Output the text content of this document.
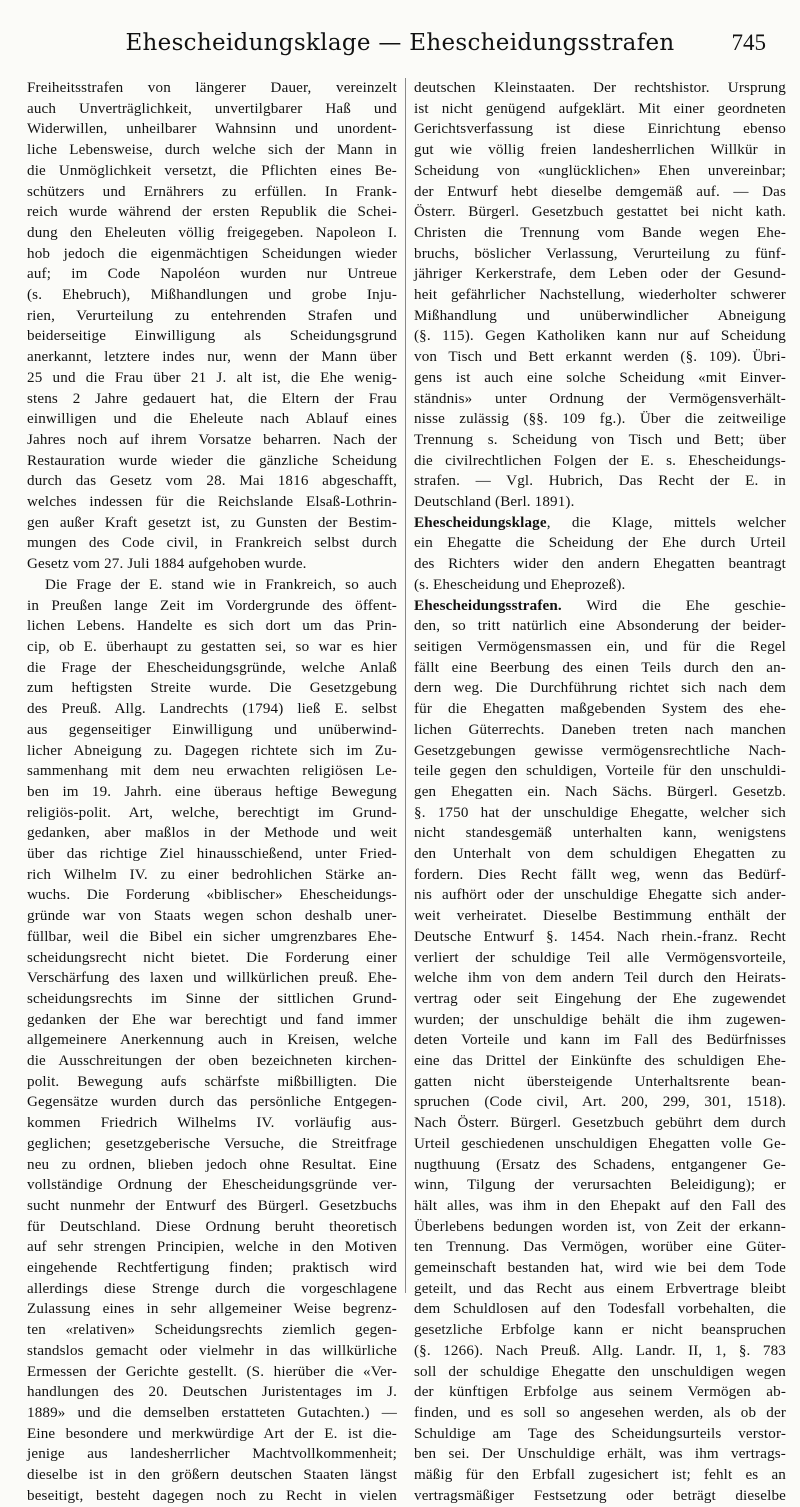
Ehescheidungsklage — Ehescheidungsstrafen	745
Freiheitsstrafen von längerer Dauer, vereinzelt
auch Unverträglichkeit, unvertilgbarer Haß und
Widerwillen, unheilbarer Wahnsinn und unordent-
liche Lebensweise, durch welche sich der Mann in
die Unmöglichkeit versetzt, die Pflichten eines Be-
schützers und Ernährers zu erfüllen. In Frank-
reich wurde während der ersten Republik die Schei-
dung den Eheleuten völlig freigegeben. Napoleon I.
hob jedoch die eigenmächtigen Scheidungen wieder
auf; im Code Napoléon wurden nur Untreue
(s. Ehebruch), Mißhandlungen und grobe Inju-
rien, Verurteilung zu entehrenden Strafen und
beiderseitige Einwilligung als Scheidungsgrund
anerkannt, letztere indes nur, wenn der Mann über
25 und die Frau über 21 J. alt ist, die Ehe wenig-
stens 2 Jahre gedauert hat, die Eltern der Frau
einwilligen und die Eheleute nach Ablauf eines
Jahres noch auf ihrem Vorsatze beharren. Nach der
Restauration wurde wieder die gänzliche Scheidung
durch das Gesetz vom 28. Mai 1816 abgeschafft,
welches indessen für die Reichslande Elsaß-Lothrin-
gen außer Kraft gesetzt ist, zu Gunsten der Bestim-
mungen des Code civil, in Frankreich selbst durch
Gesetz vom 27. Juli 1884 aufgehoben wurde.
Die Frage der E. stand wie in Frankreich, so auch
in Preußen lange Zeit im Vordergrunde des öffent-
lichen Lebens. Handelte es sich dort um das Prin-
cip, ob E. überhaupt zu gestatten sei, so war es hier
die Frage der Ehescheidungsgründe, welche Anlaß
zum heftigsten Streite wurde. Die Gesetzgebung
des Preuß. Allg. Landrechts (1794) ließ E. selbst
aus gegenseitiger Einwilligung und unüberwind-
licher Abneigung zu. Dagegen richtete sich im Zu-
sammenhang mit dem neu erwachten religiösen Le-
ben im 19. Jahrh. eine überaus heftige Bewegung
religiös-polit. Art, welche, berechtigt im Grund-
gedanken, aber maßlos in der Methode und weit
über das richtige Ziel hinausschießend, unter Fried-
rich Wilhelm IV. zu einer bedrohlichen Stärke an-
wuchs. Die Forderung «biblischer» Ehescheidungs-
gründe war von Staats wegen schon deshalb uner-
füllbar, weil die Bibel ein sicher umgrenzbares Ehe-
scheidungsrecht nicht bietet. Die Forderung einer
Verschärfung des laxen und willkürlichen preuß. Ehe-
scheidungsrechts im Sinne der sittlichen Grund-
gedanken der Ehe war berechtigt und fand immer
allgemeinere Anerkennung auch in Kreisen, welche
die Ausschreitungen der oben bezeichneten kirchen-
polit. Bewegung aufs schärfste mißbilligten. Die
Gegensätze wurden durch das persönliche Entgegen-
kommen Friedrich Wilhelms IV. vorläufig aus-
geglichen; gesetzgeberische Versuche, die Streitfrage
neu zu ordnen, blieben jedoch ohne Resultat. Eine
vollständige Ordnung der Ehescheidungsgründe ver-
sucht nunmehr der Entwurf des Bürgerl. Gesetzbuchs
für Deutschland. Diese Ordnung beruht theoretisch
auf sehr strengen Principien, welche in den Motiven
eingehende Rechtfertigung finden; praktisch wird
allerdings diese Strenge durch die vorgeschlagene
Zulassung eines in sehr allgemeiner Weise begrenz-
ten «relativen» Scheidungsrechts ziemlich gegen-
standslos gemacht oder vielmehr in das willkürliche
Ermessen der Gerichte gestellt. (S. hierüber die «Ver-
handlungen des 20. Deutschen Juristentages im J.
1889» und die demselben erstatteten Gutachten.) —
Eine besondere und merkwürdige Art der E. ist die-
jenige aus landesherrlicher Machtvollkommenheit;
dieselbe ist in den größern deutschen Staaten längst
beseitigt, besteht dagegen noch zu Recht in vielen
deutschen Kleinstaaten. Der rechtshistor. Ursprung
ist nicht genügend aufgeklärt. Mit einer geordneten
Gerichtsverfassung ist diese Einrichtung ebenso
gut wie völlig freien landesherrlichen Willkür in
Scheidung von «unglücklichen» Ehen unvereinbar;
der Entwurf hebt dieselbe demgemäß auf. — Das
Österr. Bürgerl. Gesetzbuch gestattet bei nicht kath.
Christen die Trennung vom Bande wegen Ehe-
bruchs, böslicher Verlassung, Verurteilung zu fünf-
jähriger Kerkerstrafe, dem Leben oder der Gesund-
heit gefährlicher Nachstellung, wiederholter schwerer
Mißhandlung und unüberwindlicher Abneigung
(§. 115). Gegen Katholiken kann nur auf Scheidung
von Tisch und Bett erkannt werden (§. 109). Übri-
gens ist auch eine solche Scheidung «mit Einver-
ständnis» unter Ordnung der Vermögensverhält-
nisse zulässig (§§. 109 fg.). Über die zeitweilige
Trennung s. Scheidung von Tisch und Bett; über
die civilrechtlichen Folgen der E. s. Ehescheidungs-
strafen. — Vgl. Hubrich, Das Recht der E. in
Deutschland (Berl. 1891).
Ehescheidungsklage, die Klage, mittels welcher
ein Ehegatte die Scheidung der Ehe durch Urteil
des Richters wider den andern Ehegatten beantragt
(s. Ehescheidung und Eheprozeß).
Ehescheidungsstrafen. Wird die Ehe geschie-
den, so tritt natürlich eine Absonderung der beider-
seitigen Vermögensmassen ein, und für die Regel
fällt eine Beerbung des einen Teils durch den an-
dern weg. Die Durchführung richtet sich nach dem
für die Ehegatten maßgebenden System des ehe-
lichen Güterrechts. Daneben treten nach manchen
Gesetzgebungen gewisse vermögensrechtliche Nach-
teile gegen den schuldigen, Vorteile für den unschuldi-
gen Ehegatten ein. Nach Sächs. Bürgerl. Gesetzb.
§. 1750 hat der unschuldige Ehegatte, welcher sich
nicht standesgemäß unterhalten kann, wenigstens
den Unterhalt von dem schuldigen Ehegatten zu
fordern. Dies Recht fällt weg, wenn das Bedürf-
nis aufhört oder der unschuldige Ehegatte sich ander-
weit verheiratet. Dieselbe Bestimmung enthält der
Deutsche Entwurf §. 1454. Nach rhein.-franz. Recht
verliert der schuldige Teil alle Vermögensvorteile,
welche ihm von dem andern Teil durch den Heirats-
vertrag oder seit Eingehung der Ehe zugewendet
wurden; der unschuldige behält die ihm zugewen-
deten Vorteile und kann im Fall des Bedürfnisses
eine das Drittel der Einkünfte des schuldigen Ehe-
gatten nicht übersteigende Unterhaltsrente bean-
spruchen (Code civil, Art. 200, 299, 301, 1518).
Nach Österr. Bürgerl. Gesetzbuch gebührt dem durch
Urteil geschiedenen unschuldigen Ehegatten volle Ge-
nugthuung (Ersatz des Schadens, entgangener Ge-
winn, Tilgung der verursachten Beleidigung); er
hält alles, was ihm in den Ehepakt auf den Fall des
Überlebens bedungen worden ist, von Zeit der erkann-
ten Trennung. Das Vermögen, worüber eine Güter-
gemeinschaft bestanden hat, wird wie bei dem Tode
geteilt, und das Recht aus einem Erbvertrage bleibt
dem Schuldlosen auf den Todesfall vorbehalten, die
gesetzliche Erbfolge kann er nicht beanspruchen
(§. 1266). Nach Preuß. Allg. Landr. II, 1, §. 783
soll der schuldige Ehegatte den unschuldigen wegen
der künftigen Erbfolge aus seinem Vermögen ab-
finden, und es soll so angesehen werden, als ob der
Schuldige am Tage des Scheidungsurteils verstor-
ben sei. Der Unschuldige erhält, was ihm vertrags-
mäßig für den Erbfall zugesichert ist; fehlt es an
vertragsmäßiger Festsetzung oder beträgt dieselbe
